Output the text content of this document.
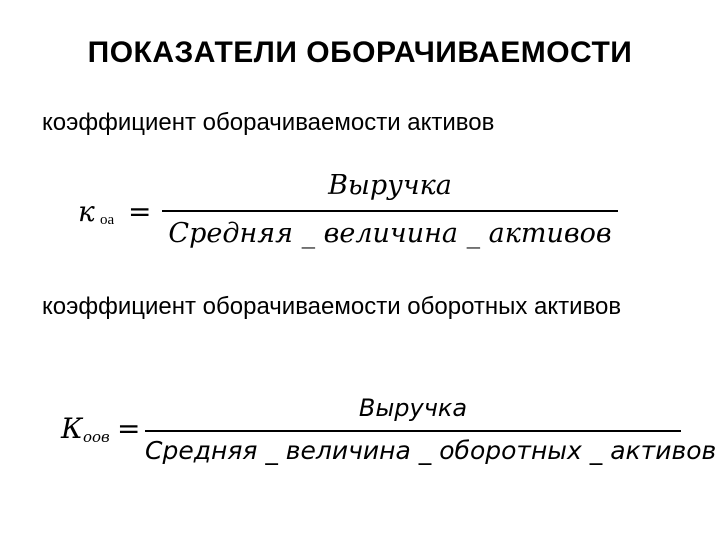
ПОКАЗАТЕЛИ ОБОРАЧИВАЕМОСТИ
коэффициент оборачиваемости активов
к оа =
Выручка
Средняя _ величина _ активов
коэффициент оборачиваемости оборотных активов
К оов =
Выручка
Средняя _ величина _ оборотных _ активов
